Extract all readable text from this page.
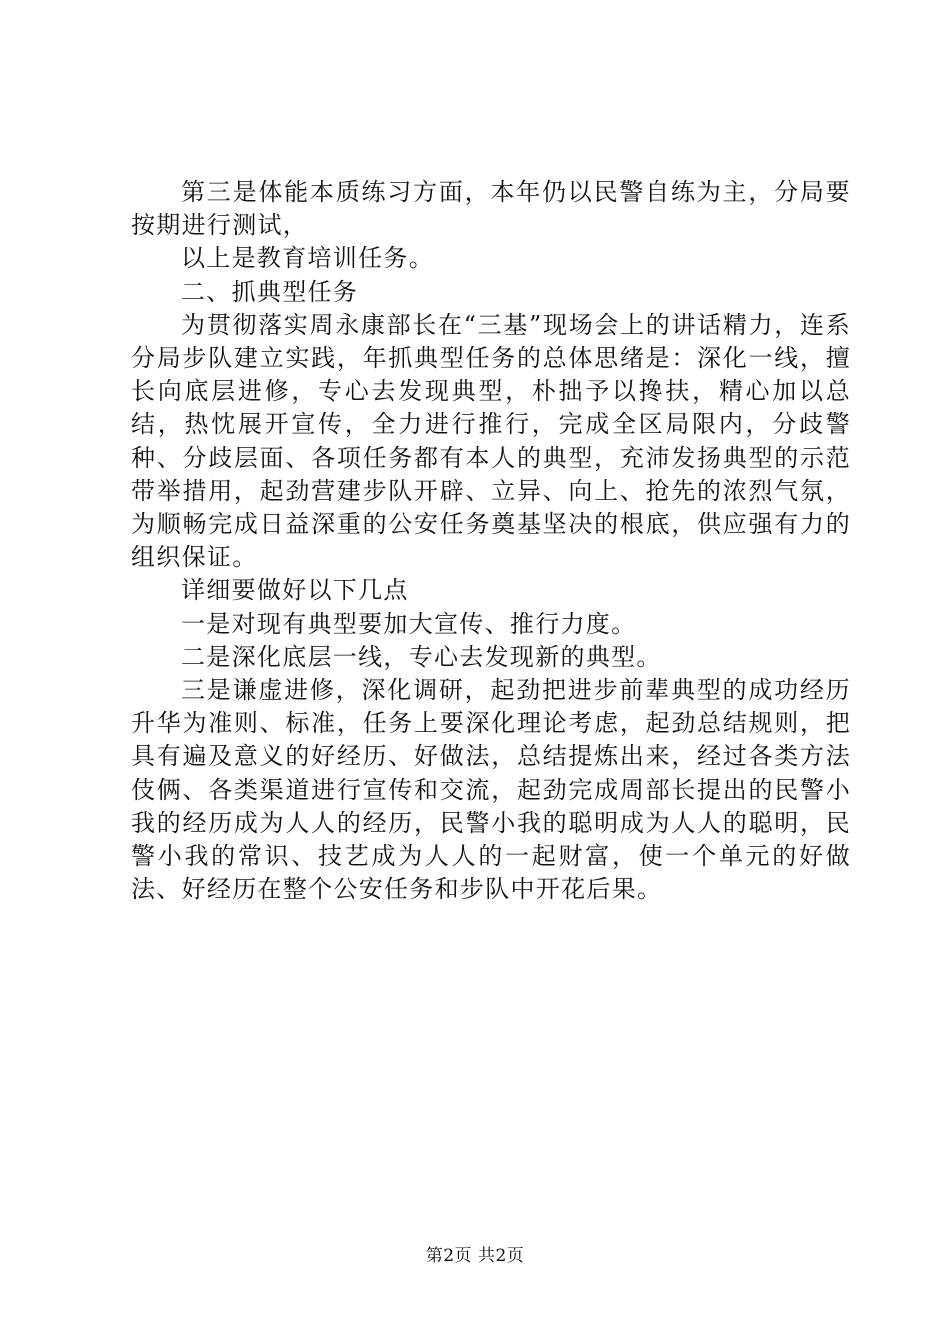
第三是体能本质练习方面，本年仍以民警自练为主，分局要按期进行测试，

以上是教育培训任务。

二、抓典型任务

为贯彻落实周永康部长在“三基”现场会上的讲话精力，连系分局步队建立实践，年抓典型任务的总体思绪是：深化一线，擅长向底层进修，专心去发现典型，朴拙予以搀扶，精心加以总结，热忱展开宣传，全力进行推行，完成全区局限内，分歧警种、分歧层面、各项任务都有本人的典型，充沛发扬典型的示范带举措用，起劲营建步队开辟、立异、向上、抢先的浓烈气氛，为顺畅完成日益深重的公安任务奠基坚决的根底，供应强有力的组织保证。

详细要做好以下几点

一是对现有典型要加大宣传、推行力度。

二是深化底层一线，专心去发现新的典型。

三是谦虚进修，深化调研，起劲把进步前辈典型的成功经历升华为准则、标准，任务上要深化理论考虑，起劲总结规则，把具有遍及意义的好经历、好做法，总结提炼出来，经过各类方法伎俩、各类渠道进行宣传和交流，起劲完成周部长提出的民警小我的经历成为人人的经历，民警小我的聪明成为人人的聪明，民警小我的常识、技艺成为人人的一起财富，使一个单元的好做法、好经历在整个公安任务和步队中开花后果。

第2页 共2页
